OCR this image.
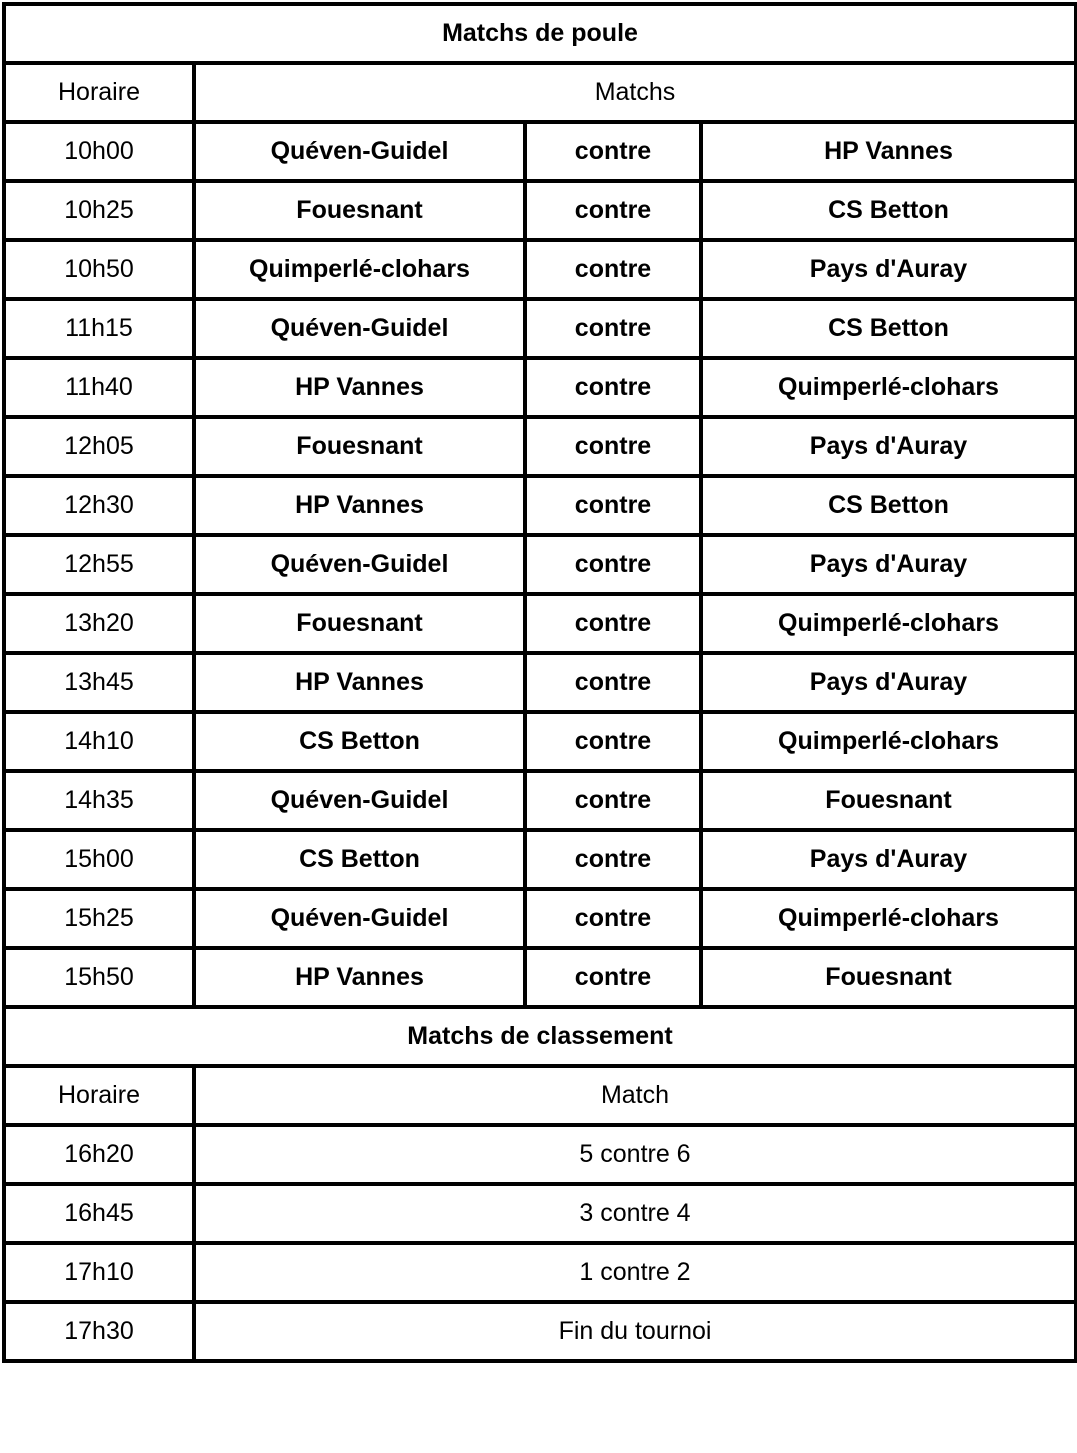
Matchs de poule			
Horaire	Matchs		
10h00	Quéven-Guidel	contre	HP Vannes
10h25	Fouesnant	contre	CS Betton
10h50	Quimperlé-clohars	contre	Pays d'Auray
11h15	Quéven-Guidel	contre	CS Betton
11h40	HP Vannes	contre	Quimperlé-clohars
12h05	Fouesnant	contre	Pays d'Auray
12h30	HP Vannes	contre	CS Betton
12h55	Quéven-Guidel	contre	Pays d'Auray
13h20	Fouesnant	contre	Quimperlé-clohars
13h45	HP Vannes	contre	Pays d'Auray
14h10	CS Betton	contre	Quimperlé-clohars
14h35	Quéven-Guidel	contre	Fouesnant
15h00	CS Betton	contre	Pays d'Auray
15h25	Quéven-Guidel	contre	Quimperlé-clohars
15h50	HP Vannes	contre	Fouesnant
Matchs de classement			
Horaire	Match		
16h20	5 contre 6		
16h45	3 contre 4		
17h10	1 contre 2		
17h30	Fin du tournoi		
